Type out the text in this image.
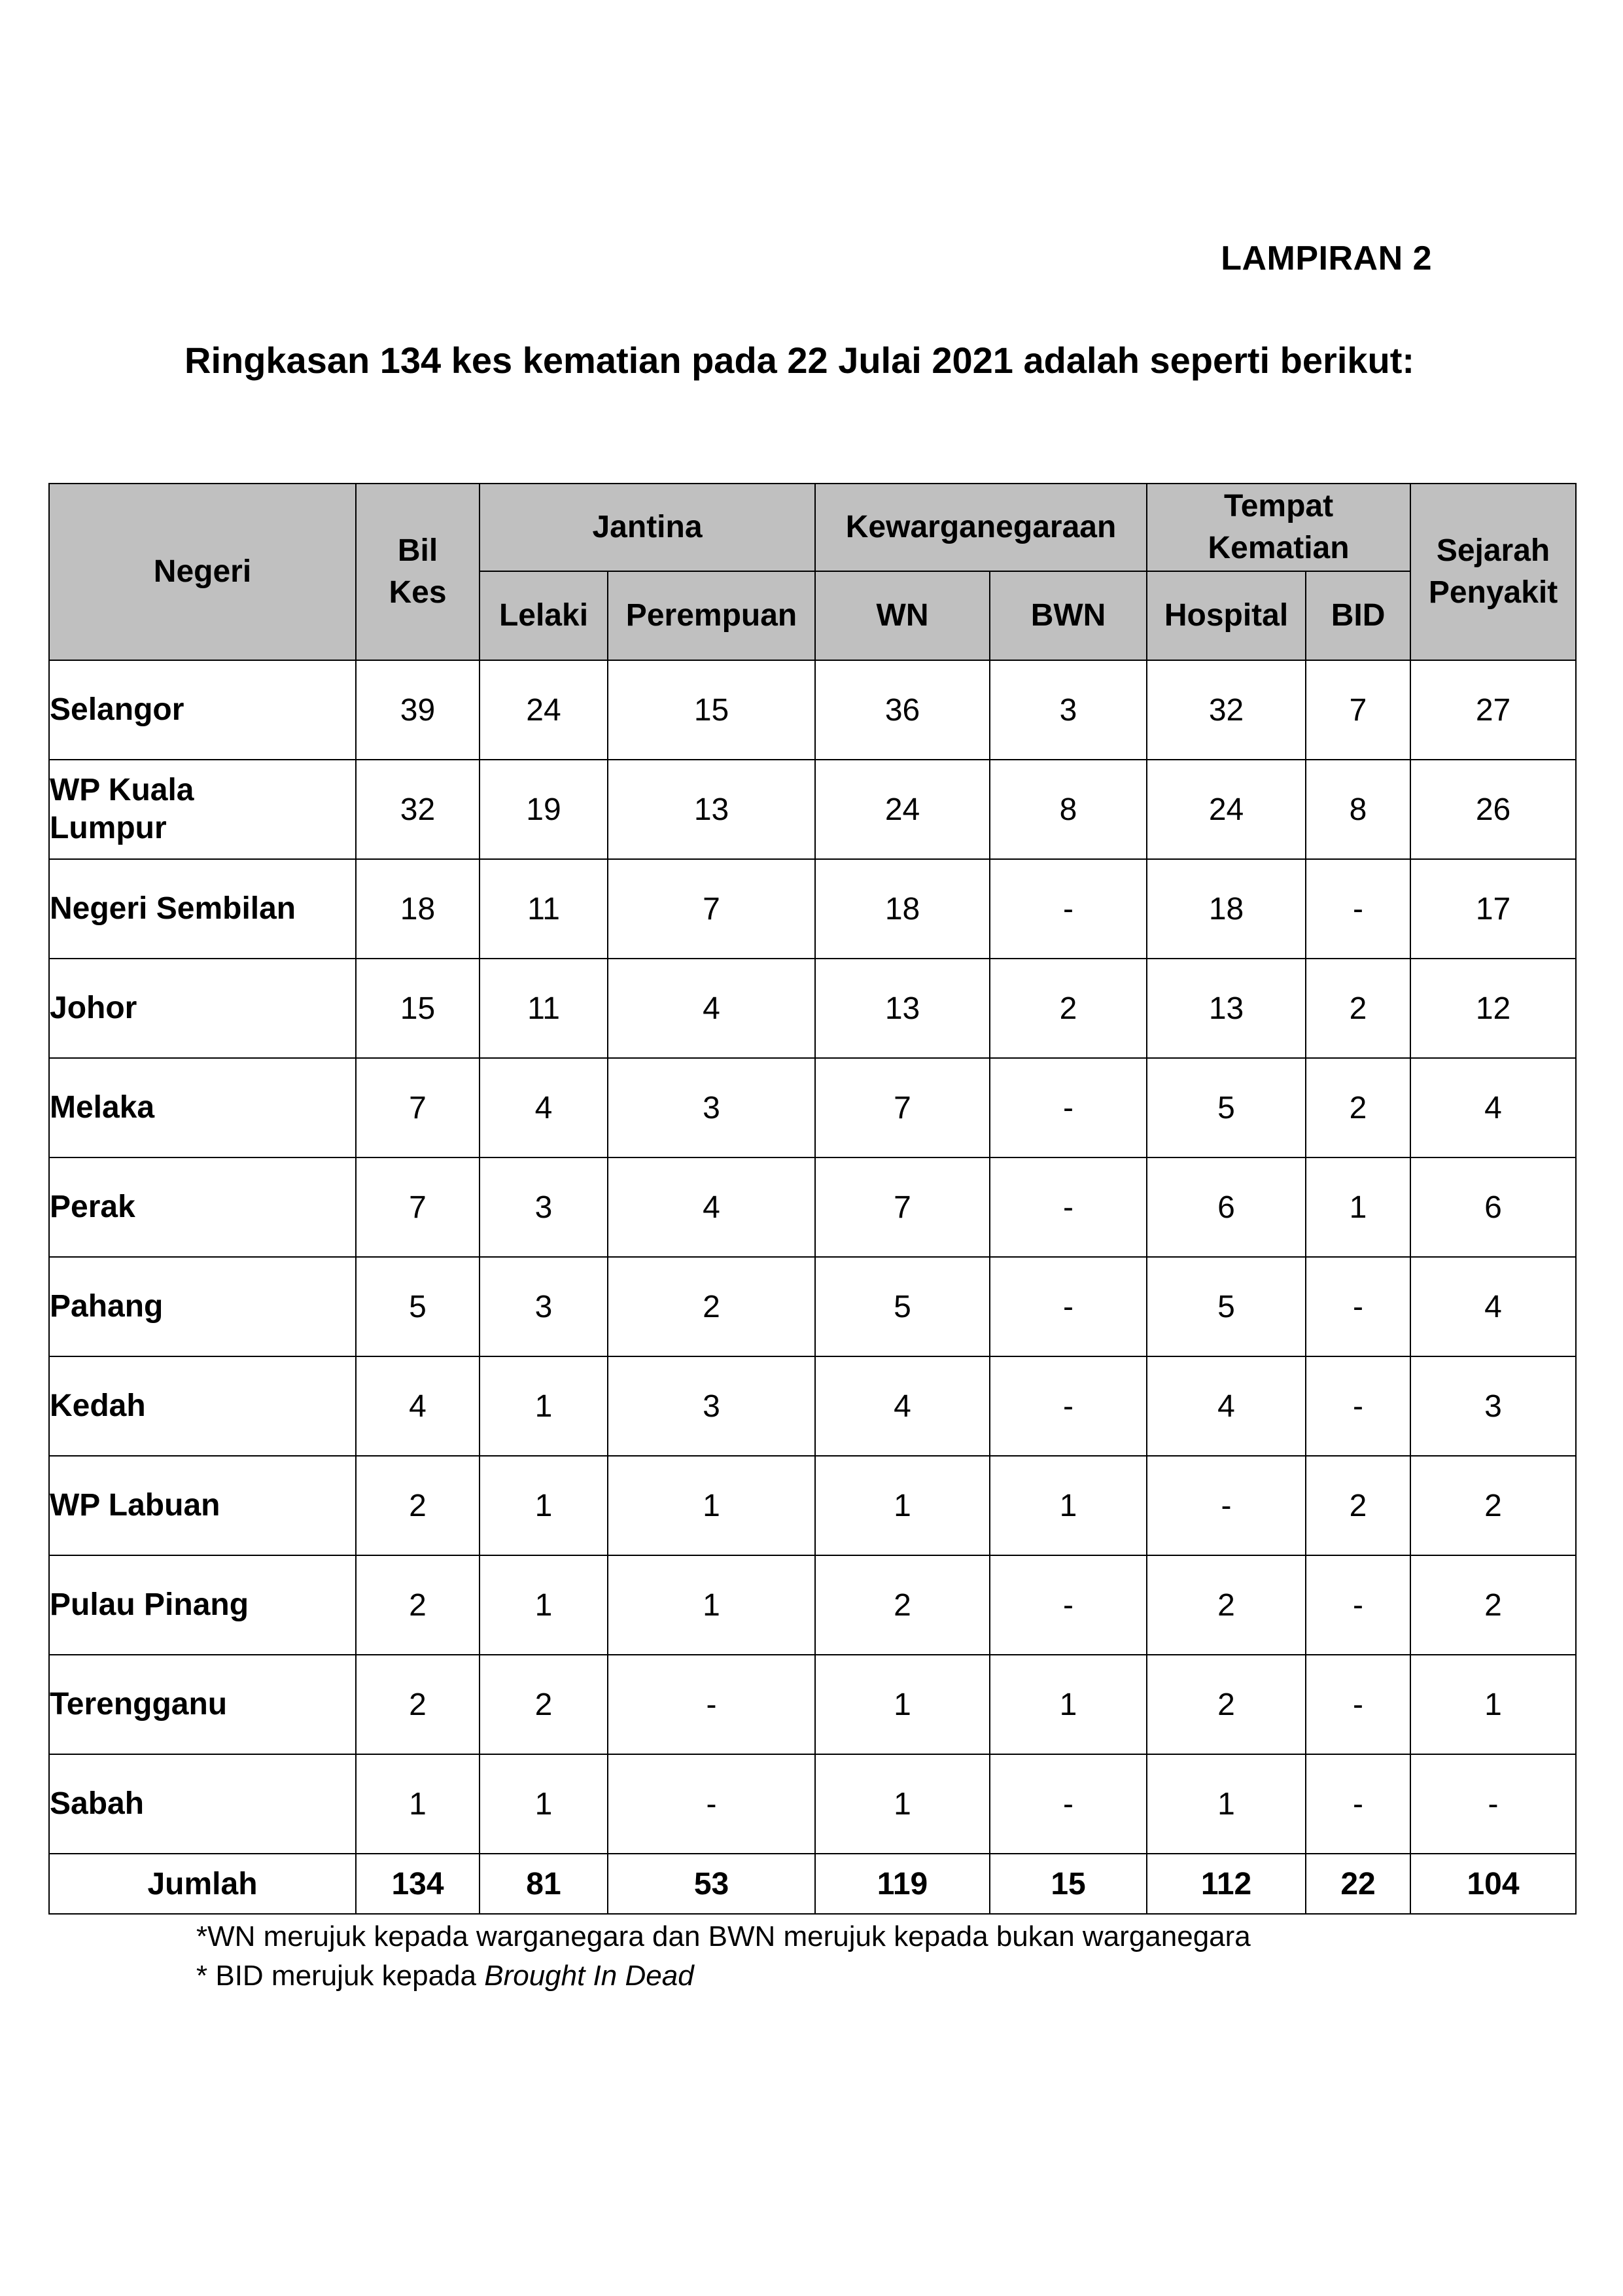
LAMPIRAN 2
Ringkasan 134 kes kematian pada 22 Julai 2021 adalah seperti berikut:
Negeri	Bil Kes	Jantina		Kewarganegaraan		Tempat Kematian		Sejarah Penyakit
		Lelaki	Perempuan	WN	BWN	Hospital	BID	
Selangor	39	24	15	36	3	32	7	27
WP Kuala Lumpur	32	19	13	24	8	24	8	26
Negeri Sembilan	18	11	7	18	-	18	-	17
Johor	15	11	4	13	2	13	2	12
Melaka	7	4	3	7	-	5	2	4
Perak	7	3	4	7	-	6	1	6
Pahang	5	3	2	5	-	5	-	4
Kedah	4	1	3	4	-	4	-	3
WP Labuan	2	1	1	1	1	-	2	2
Pulau Pinang	2	1	1	2	-	2	-	2
Terengganu	2	2	-	1	1	2	-	1
Sabah	1	1	-	1	-	1	-	-
Jumlah	134	81	53	119	15	112	22	104
*WN merujuk kepada warganegara dan BWN merujuk kepada bukan warganegara
* BID merujuk kepada Brought In Dead
